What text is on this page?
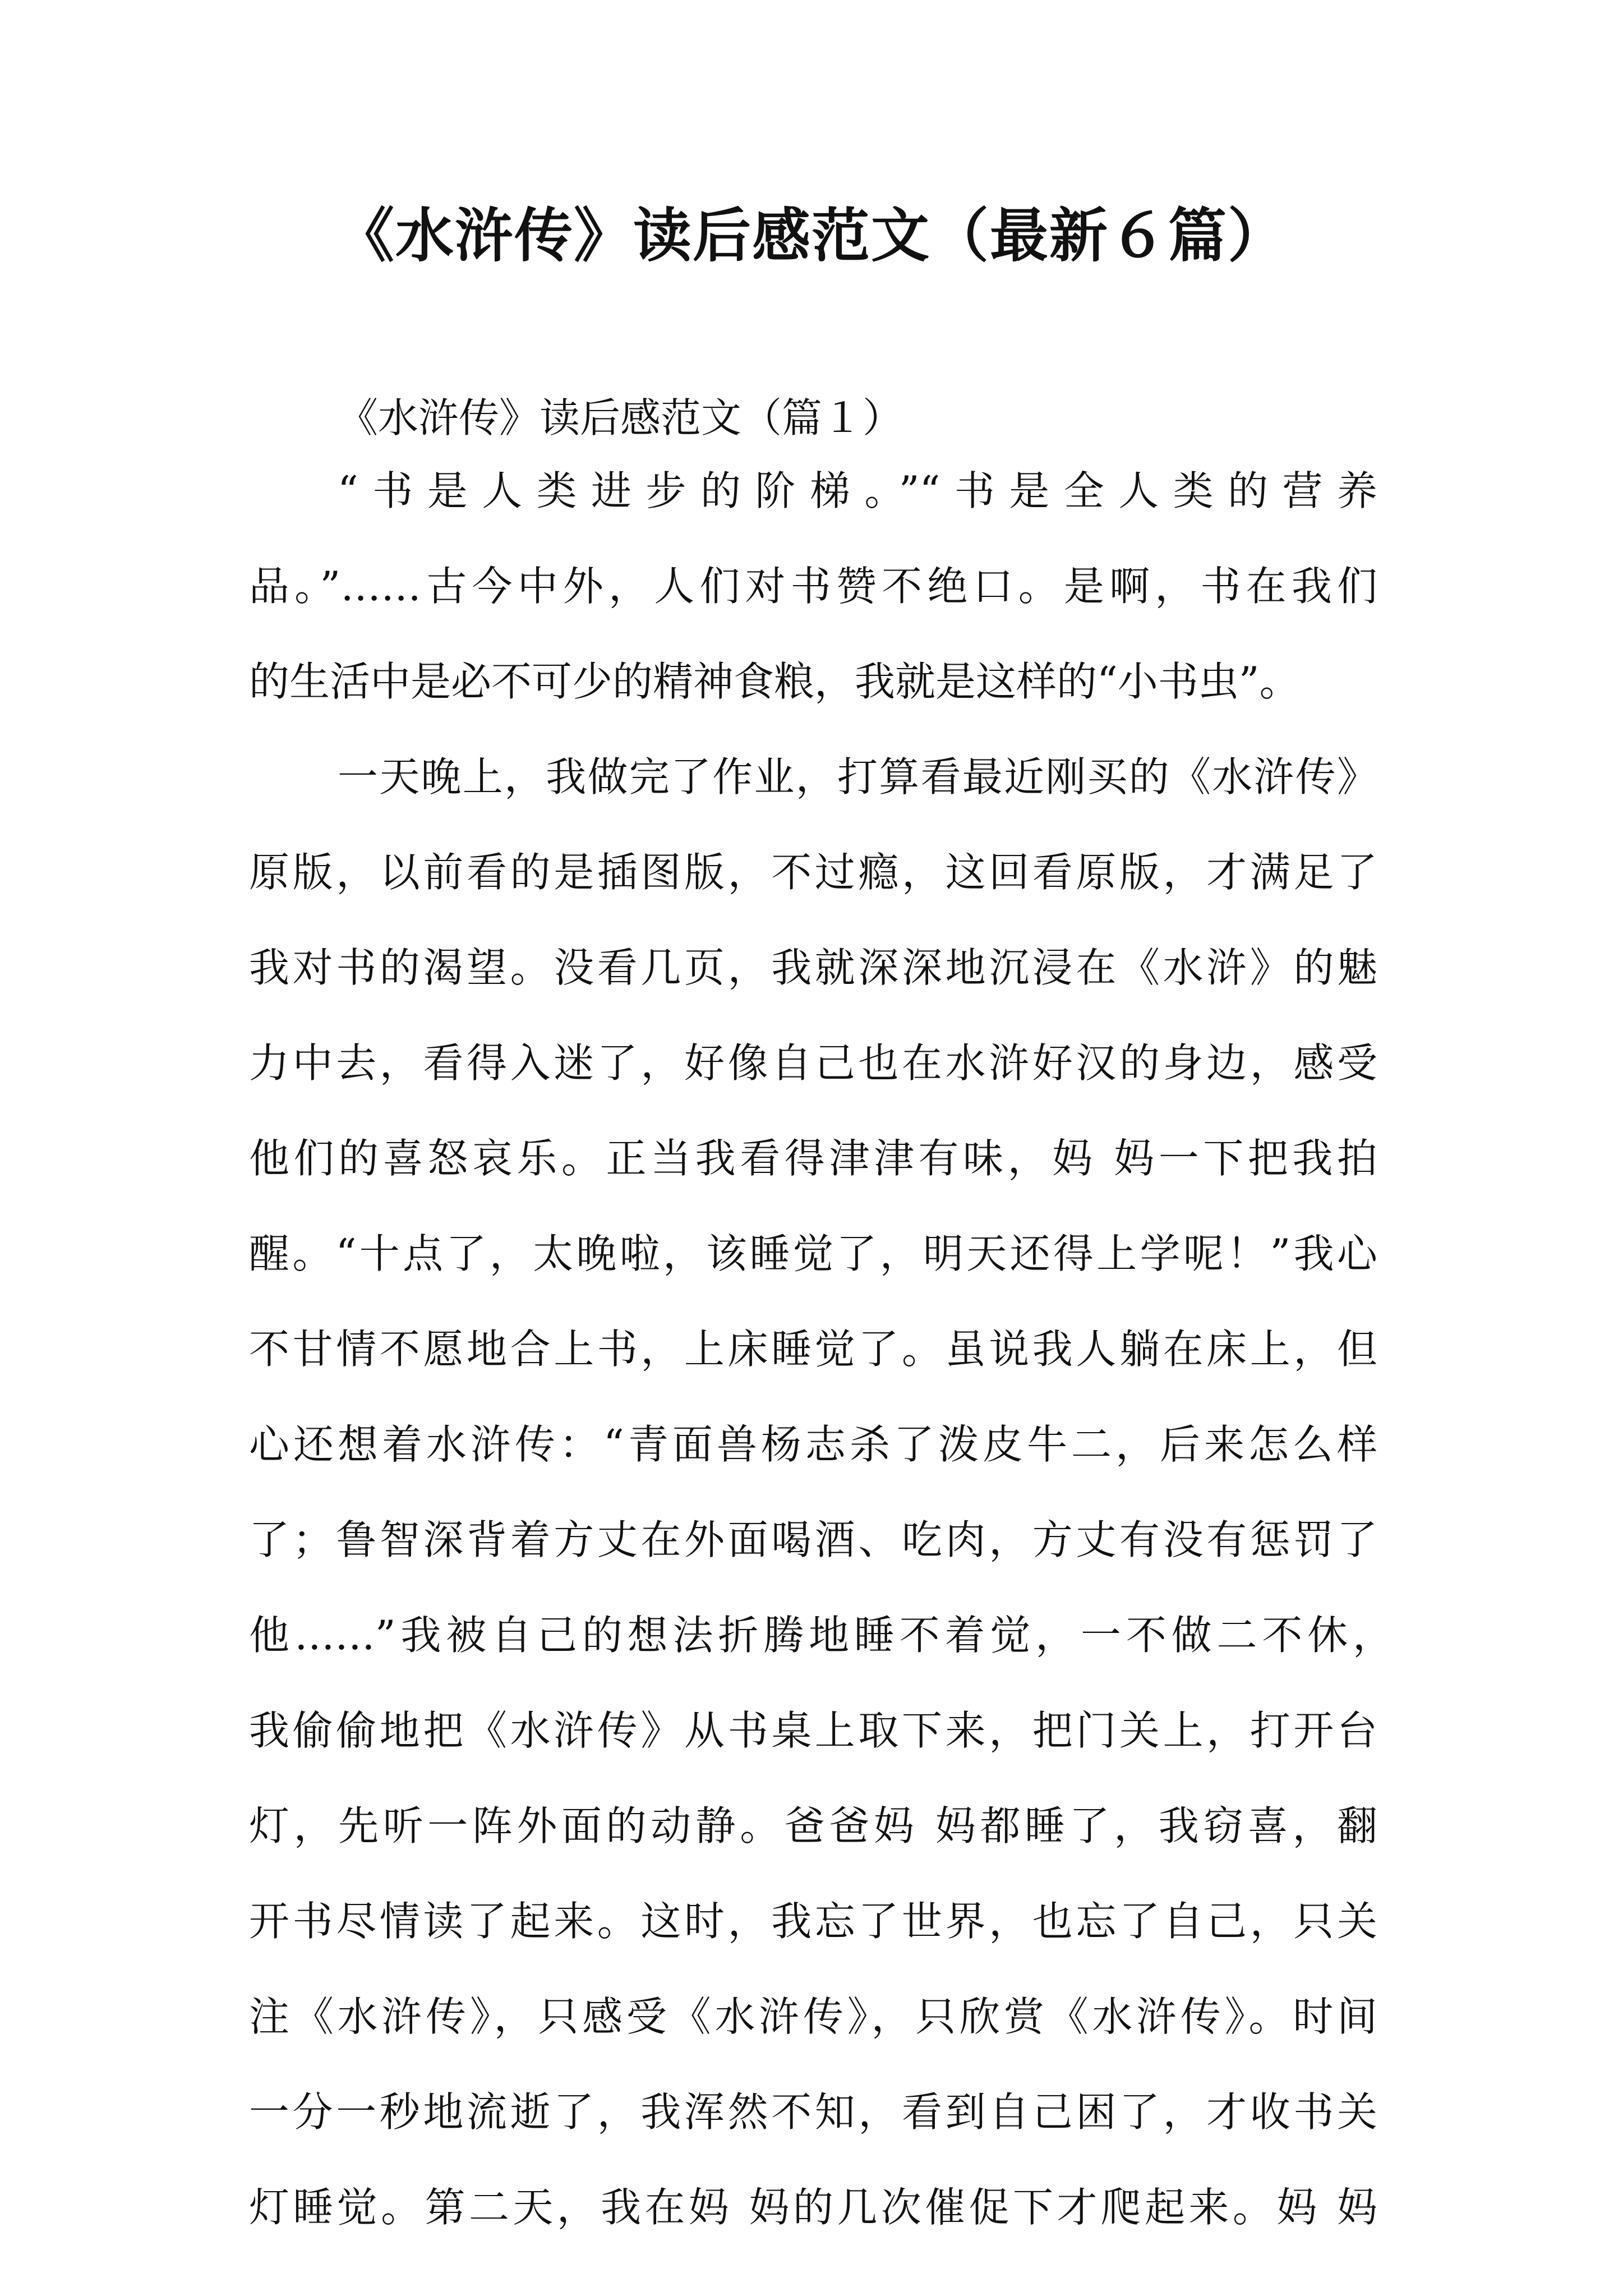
《水浒传》读后感范文（最新６篇）
《水浒传》读后感范文（篇１）
“书是人类进步的阶梯。”“书是全人类的营养
品。”……古今中外，人们对书赞不绝口。是啊，书在我们
的生活中是必不可少的精神食粮，我就是这样的“小书虫”。
一天晚上，我做完了作业，打算看最近刚买的《水浒传》
原版，以前看的是插图版，不过瘾，这回看原版，才满足了
我对书的渴望。没看几页，我就深深地沉浸在《水浒》的魅
力中去，看得入迷了，好像自己也在水浒好汉的身边，感受
他们的喜怒哀乐。正当我看得津津有味，妈 妈一下把我拍
醒。“十点了，太晚啦，该睡觉了，明天还得上学呢！”我心
不甘情不愿地合上书，上床睡觉了。虽说我人躺在床上，但
心还想着水浒传：“青面兽杨志杀了泼皮牛二，后来怎么样
了；鲁智深背着方丈在外面喝酒、吃肉，方丈有没有惩罚了
他……”我被自己的想法折腾地睡不着觉，一不做二不休，
我偷偷地把《水浒传》从书桌上取下来，把门关上，打开台
灯，先听一阵外面的动静。爸爸妈 妈都睡了，我窃喜，翻
开书尽情读了起来。这时，我忘了世界，也忘了自己，只关
注《水浒传》，只感受《水浒传》，只欣赏《水浒传》。时间
一分一秒地流逝了，我浑然不知，看到自己困了，才收书关
灯睡觉。第二天，我在妈 妈的几次催促下才爬起来。妈 妈
